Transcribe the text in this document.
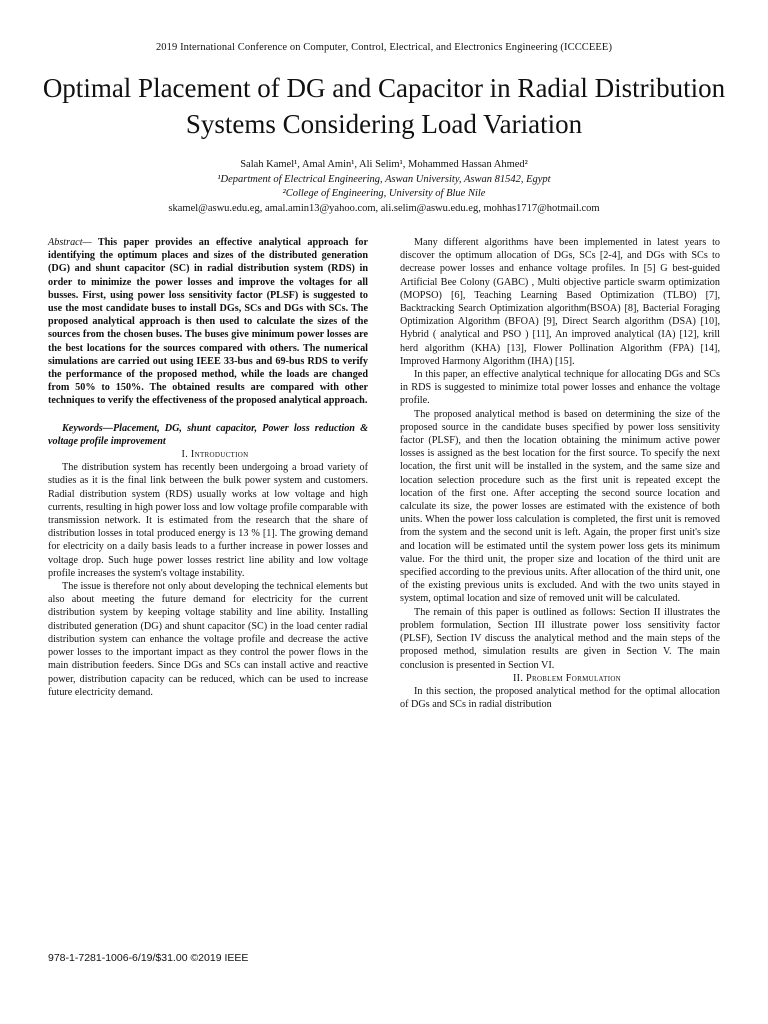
2019 International Conference on Computer, Control, Electrical, and Electronics Engineering (ICCCEEE)
Optimal Placement of DG and Capacitor in Radial Distribution Systems Considering Load Variation
Salah Kamel¹, Amal Amin¹, Ali Selim¹, Mohammed Hassan Ahmed²
¹Department of Electrical Engineering, Aswan University, Aswan 81542, Egypt
²College of Engineering, University of Blue Nile
skamel@aswu.edu.eg, amal.amin13@yahoo.com, ali.selim@aswu.edu.eg, mohhas1717@hotmail.com

Abstract— This paper provides an effective analytical approach for identifying the optimum places and sizes of the distributed generation (DG) and shunt capacitor (SC) in radial distribution system (RDS) in order to minimize the power losses and improve the voltages for all busses. First, using power loss sensitivity factor (PLSF) is suggested to use the most candidate buses to install DGs, SCs and DGs with SCs. The proposed analytical approach is then used to calculate the sizes of the sources from the chosen buses. The buses give minimum power losses are the best locations for the sources compared with others. The numerical simulations are carried out using IEEE 33-bus and 69-bus RDS to verify the performance of the proposed method, while the loads are changed from 50% to 150%. The obtained results are compared with other techniques to verify the effectiveness of the proposed analytical approach.

Keywords—Placement, DG, shunt capacitor, Power loss reduction & voltage profile improvement

I. Introduction

The distribution system has recently been undergoing a broad variety of studies as it is the final link between the bulk power system and customers. Radial distribution system (RDS) usually works at low voltage and high currents, resulting in high power loss and low voltage profile comparable with transmission network. It is estimated from the research that the share of distribution losses in total produced energy is 13 % [1]. The growing demand for electricity on a daily basis leads to a further increase in power losses and voltage drop. Such huge power losses restrict line ability and low voltage profile increases the system's voltage instability.

The issue is therefore not only about developing the technical elements but also about meeting the future demand for electricity for the current distribution system by keeping voltage stability and line ability. Installing distributed generation (DG) and shunt capacitor (SC) in the load center radial distribution system can enhance the voltage profile and decrease the active power losses to the important impact as they control the power flows in the main distribution feeders. Since DGs and SCs can install active and reactive power, distribution capacity can be reduced, which can be used to increase future electricity demand.

Many different algorithms have been implemented in latest years to discover the optimum allocation of DGs, SCs [2-4], and DGs with SCs to decrease power losses and enhance voltage profiles. In [5] G best-guided Artificial Bee Colony (GABC) , Multi objective particle swarm optimization (MOPSO) [6], Teaching Learning Based Optimization (TLBO) [7], Backtracking Search Optimization algorithm(BSOA) [8], Bacterial Foraging Optimization Algorithm (BFOA) [9], Direct Search algorithm (DSA) [10], Hybrid ( analytical and PSO ) [11], An improved analytical (IA) [12], krill herd algorithm (KHA) [13], Flower Pollination Algorithm (FPA) [14], Improved Harmony Algorithm (IHA) [15].

In this paper, an effective analytical technique for allocating DGs and SCs in RDS is suggested to minimize total power losses and enhance the voltage profile.

The proposed analytical method is based on determining the size of the proposed source in the candidate buses specified by power loss sensitivity factor (PLSF), and then the location obtaining the minimum active power losses is assigned as the best location for the first source. To specify the next location, the first unit will be installed in the system, and the same size and location selection procedure such as the first unit is repeated except the location of the first one. After accepting the second source location and calculate its size, the power losses are estimated with the existence of both units. When the power loss calculation is completed, the first unit is removed from the system and the second unit is left. Again, the proper first unit's size and location will be estimated until the system power loss gets its minimum value. For the third unit, the proper size and location of the third unit are specified according to the previous units. After allocation of the third unit, one of the existing previous units is excluded. And with the two units stayed in system, optimal location and size of removed unit will be calculated.

The remain of this paper is outlined as follows: Section II illustrates the problem formulation, Section III illustrate power loss sensitivity factor (PLSF), Section IV discuss the analytical method and the main steps of the proposed method, simulation results are given in Section V. The main conclusion is presented in Section VI.

II. Problem Formulation

In this section, the proposed analytical method for the optimal allocation of DGs and SCs in radial distribution

978-1-7281-1006-6/19/$31.00 ©2019 IEEE
